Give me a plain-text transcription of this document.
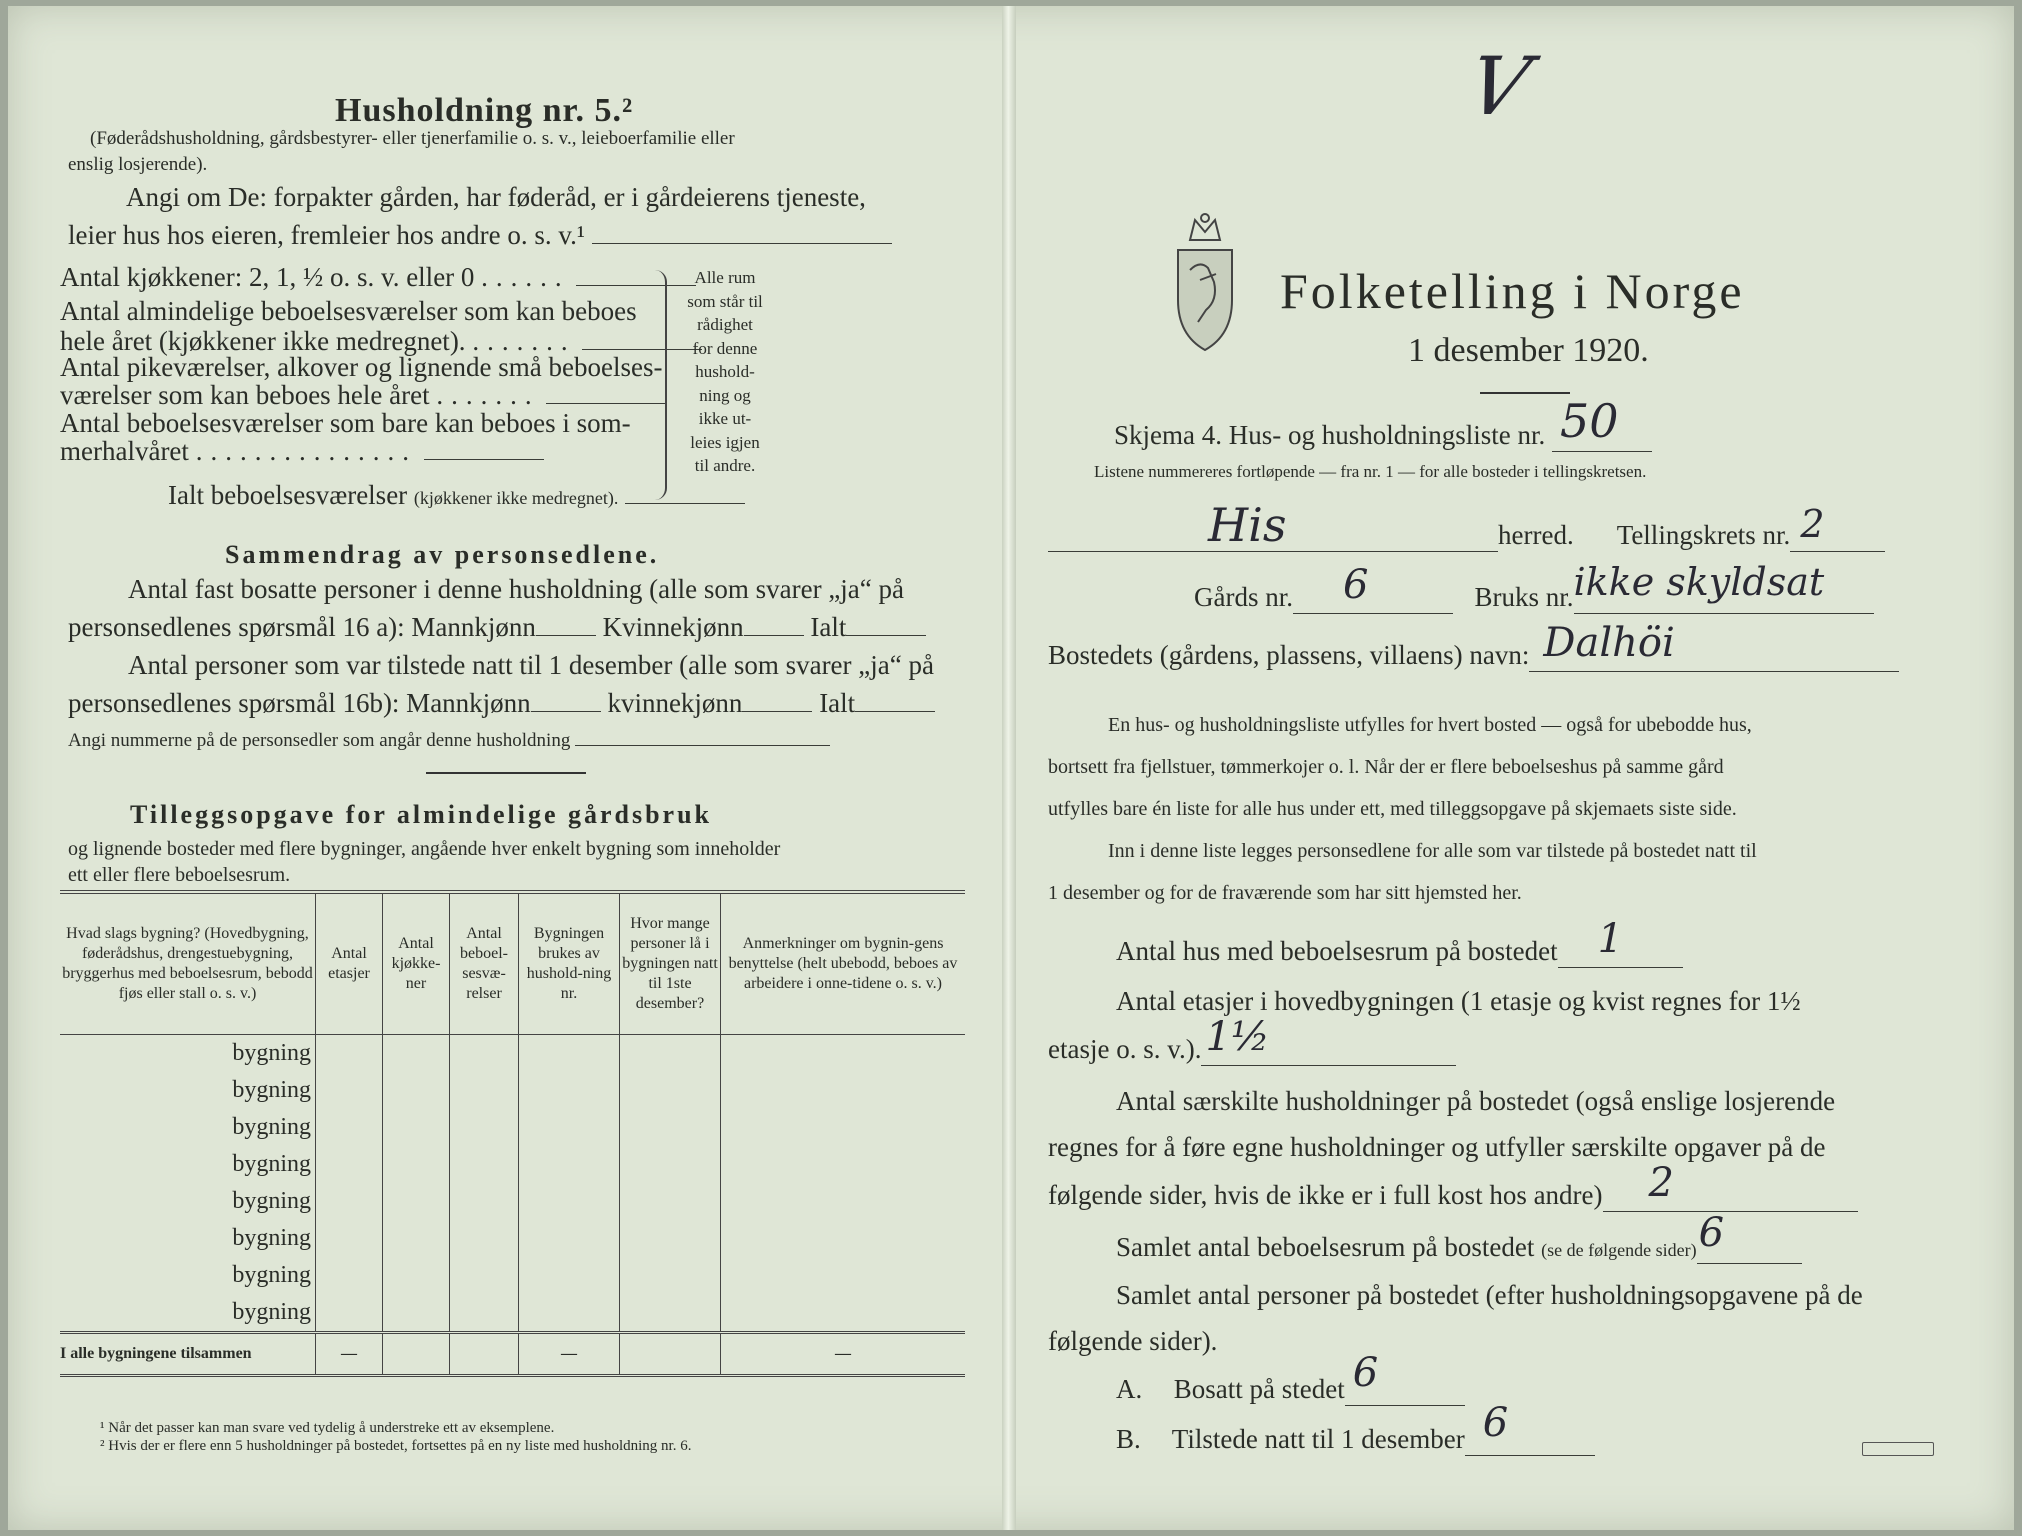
Husholdning nr. 5.²
(Føderådshusholdning, gårdsbestyrer- eller tjenerfamilie o. s. v., leieboerfamilie eller
enslig losjerende).
Angi om De: forpakter gården, har føderåd, er i gårdeierens tjeneste,
leier hus hos eieren, fremleier hos andre o. s. v.¹
Antal kjøkkener: 2, 1, ½ o. s. v. eller 0 ......
Antal almindelige beboelsesværelser som kan beboes
hele året (kjøkkener ikke medregnet). .......
Antal pikeværelser, alkover og lignende små beboelses-
værelser som kan beboes hele året .......
Antal beboelsesværelser som bare kan beboes i som-
merhalvåret ...............
Alle rum
som står til
rådighet
for denne
hushold-
ning og
ikke ut-
leies igjen
til andre.
Ialt beboelsesværelser (kjøkkener ikke medregnet).
Sammendrag av personsedlene.
Antal fast bosatte personer i denne husholdning (alle som svarer „ja“ på
personsedlenes spørsmål 16 a): Mannkjønn Kvinnekjønn Ialt
Antal personer som var tilstede natt til 1 desember (alle som svarer „ja“ på
personsedlenes spørsmål 16b): Mannkjønn	kvinnekjønn	Ialt
Angi nummerne på de personsedler som angår denne husholdning
Tilleggsopgave for almindelige gårdsbruk
og lignende bosteder med flere bygninger, angående hver enkelt bygning som inneholder
ett eller flere beboelsesrum.
Hvad slags bygning? (Hovedbygning, føderådshus, drengestuebygning, bryggerhus med beboelsesrum, bebodd fjøs eller stall o. s. v.)	Antal etasjer	Antal kjøkke-ner	Antal beboel-sesvæ-relser	Bygningen brukes av hushold-ning nr.	Hvor mange personer lå i bygningen natt til 1ste desember?	Anmerkninger om bygnin-gens benyttelse (helt ubebodd, beboes av arbeidere i onne-tidene o. s. v.)
bygning						
bygning						
bygning						
bygning						
bygning						
bygning						
bygning						
bygning						
I alle bygningene tilsammen	—			—		—
¹ Når det passer kan man svare ved tydelig å understreke ett av eksemplene.
² Hvis der er flere enn 5 husholdninger på bostedet, fortsettes på en ny liste med husholdning nr. 6.
V
Folketelling i Norge
1 desember 1920.
Skjema 4. Hus- og husholdningsliste nr. 50

Listene nummereres fortløpende — fra nr. 1 — for alle bosteder i tellingskretsen.
His	herred. Tellingskrets nr. 2

Gårds nr. 6	Bruks nr. ikke skyldsat

Bostedets (gårdens, plassens, villaens) navn: Dalhöi

En hus- og husholdningsliste utfylles for hvert bosted — også for ubebodde hus,
bortsett fra fjellstuer, tømmerkojer o. l. Når der er flere beboelseshus på samme gård
utfylles bare én liste for alle hus under ett, med tilleggsopgave på skjemaets siste side.
Inn i denne liste legges personsedlene for alle som var tilstede på bostedet natt til
1 desember og for de fraværende som har sitt hjemsted her.
Antal hus med beboelsesrum på bostedet 1

Antal etasjer i hovedbygningen (1 etasje og kvist regnes for 1½
etasje o. s. v.). 1½

Antal særskilte husholdninger på bostedet (også enslige losjerende
regnes for å føre egne husholdninger og utfyller særskilte opgaver på de
følgende sider, hvis de ikke er i full kost hos andre) 2

Samlet antal beboelsesrum på bostedet (se de følgende sider) 6

Samlet antal personer på bostedet (efter husholdningsopgavene på de
følgende sider).
A. Bosatt på stedet 6

B. Tilstede natt til 1 desember 6
